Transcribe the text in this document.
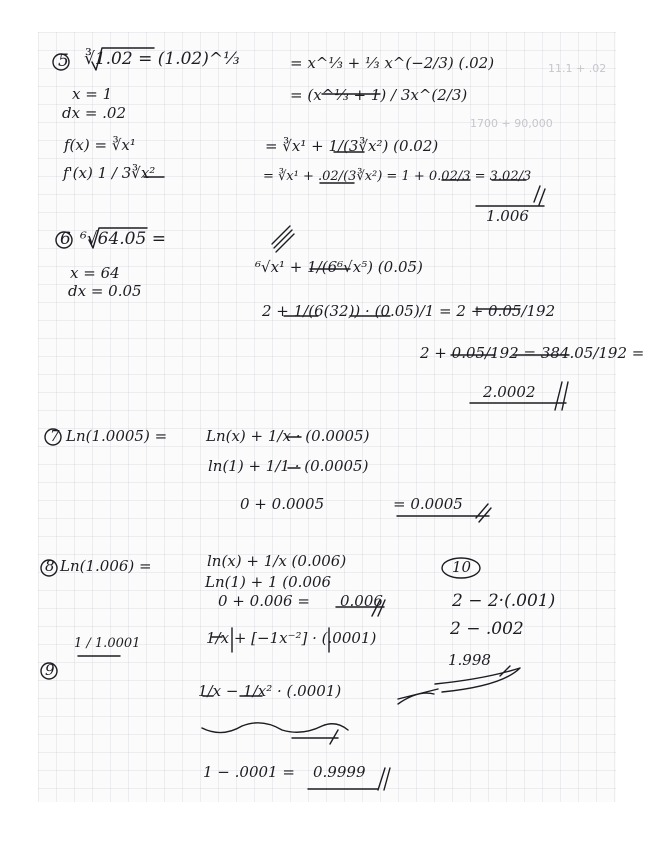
11.1 + .02
1700 + 90,000
5 ∛1.02 = (1.02)^⅓
x = 1
dx = .02
f(x) = ∛x¹
f'(x) 1 / 3∛x²
= x^⅓ + ⅓ x^(−2/3) (.02)
= (x^⅓ + 1) / 3x^(2/3)
= ∛x¹ + 1/(3∛x²) (0.02)
= ∛x¹ + .02/(3∛x²) = 1 + 0.02/3 = 3.02/3
1.006
6 ⁶√64.05 =
x = 64
dx = 0.05
⁶√x¹ + 1/(6⁶√x⁵) (0.05)
2 + 1/(6(32)) · (0.05)/1 = 2 + 0.05/192
2 + 0.05/192 = 384.05/192 =
2.0002
7 Ln(1.0005) =	Ln(x) + 1/x · (0.0005)
ln(1) + 1/1 · (0.0005)
0 + 0.0005	= 0.0005
8 Ln(1.006) =	ln(x) + 1/x (0.006)
Ln(1) + 1 (0.006
0 + 0.006 = 0.006
10
2 − 2·(.001)
2 − .002
1.998
9
1 / 1.0001	1/x + [−1x⁻²] · (.0001)
1/x − 1/x² · (.0001)
1 − .0001 = 0.9999
